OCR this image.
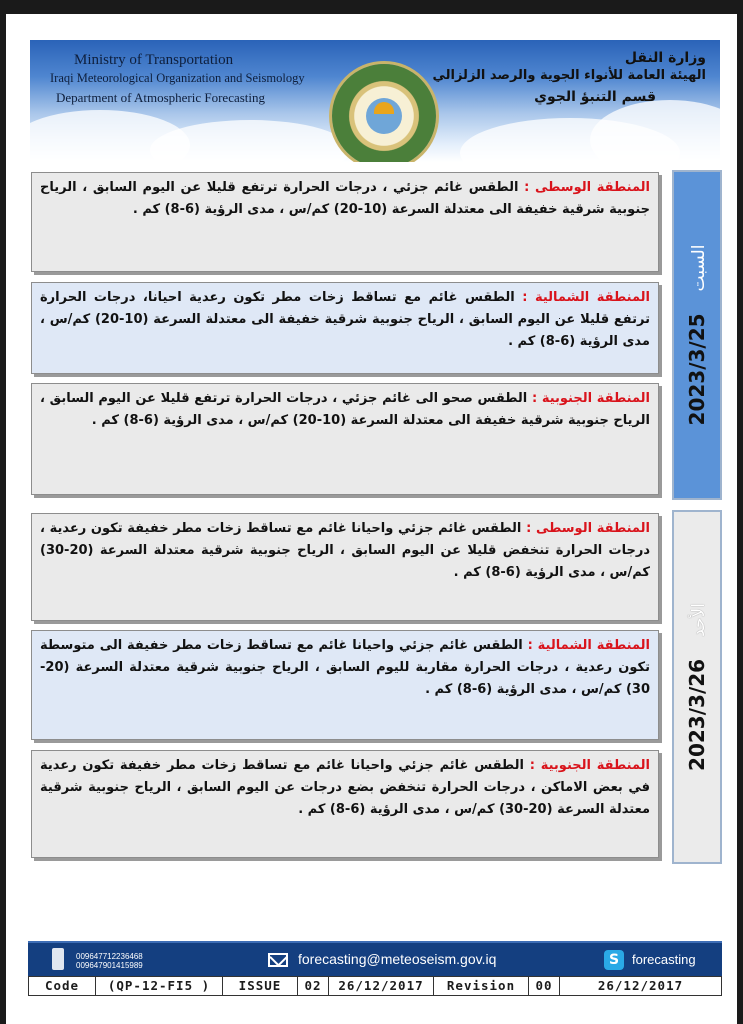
Ministry of Transportation
Iraqi Meteorological Organization and Seismology
Department of Atmospheric Forecasting
وزارة النقل
الهيئة العامة للأنواء الجوية والرصد الزلزالي
قسم التنبؤ الجوي
2023/3/25السبت
2023/3/26الأحد
المنطقة الوسطى : الطقس غائم جزئي ، درجات الحرارة ترتفع قليلا عن اليوم السابق ، الرياح جنوبية شرقية خفيفة الى معتدلة السرعة (10-20) كم/س ، مدى الرؤية (6-8) كم .
المنطقة الشمالية : الطقس غائم مع تساقط زخات مطر تكون رعدية احيانا، درجات الحرارة ترتفع قليلا عن اليوم السابق ، الرياح جنوبية شرقية خفيفة الى معتدلة السرعة (10-20) كم/س ، مدى الرؤية (6-8) كم .
المنطقة الجنوبية : الطقس صحو الى غائم جزئي ، درجات الحرارة ترتفع قليلا عن اليوم السابق ، الرياح جنوبية شرقية خفيفة الى معتدلة السرعة (10-20) كم/س ، مدى الرؤية (6-8) كم .
المنطقة الوسطى : الطقس غائم جزئي واحيانا غائم مع تساقط زخات مطر خفيفة تكون رعدية ، درجات الحرارة تنخفض قليلا عن اليوم السابق ، الرياح جنوبية شرقية معتدلة السرعة (20-30) كم/س ، مدى الرؤية (6-8) كم .
المنطقة الشمالية : الطقس غائم جزئي واحيانا غائم مع تساقط زخات مطر خفيفة الى متوسطة تكون رعدية ، درجات الحرارة مقاربة لليوم السابق ، الرياح جنوبية شرقية معتدلة السرعة (20-30) كم/س ، مدى الرؤية (6-8) كم .
المنطقة الجنوبية : الطقس غائم جزئي واحيانا غائم مع تساقط زخات مطر خفيفة تكون رعدية في بعض الاماكن ، درجات الحرارة تنخفض بضع درجات عن اليوم السابق ، الرياح جنوبية شرقية معتدلة السرعة (20-30) كم/س ، مدى الرؤية (6-8) كم .
009647712236468
009647901415989	forecasting@meteoseism.gov.iq	S forecasting
Code	(QP-12-FI5 )	ISSUE	02	26/12/2017	Revision	00	26/12/2017
